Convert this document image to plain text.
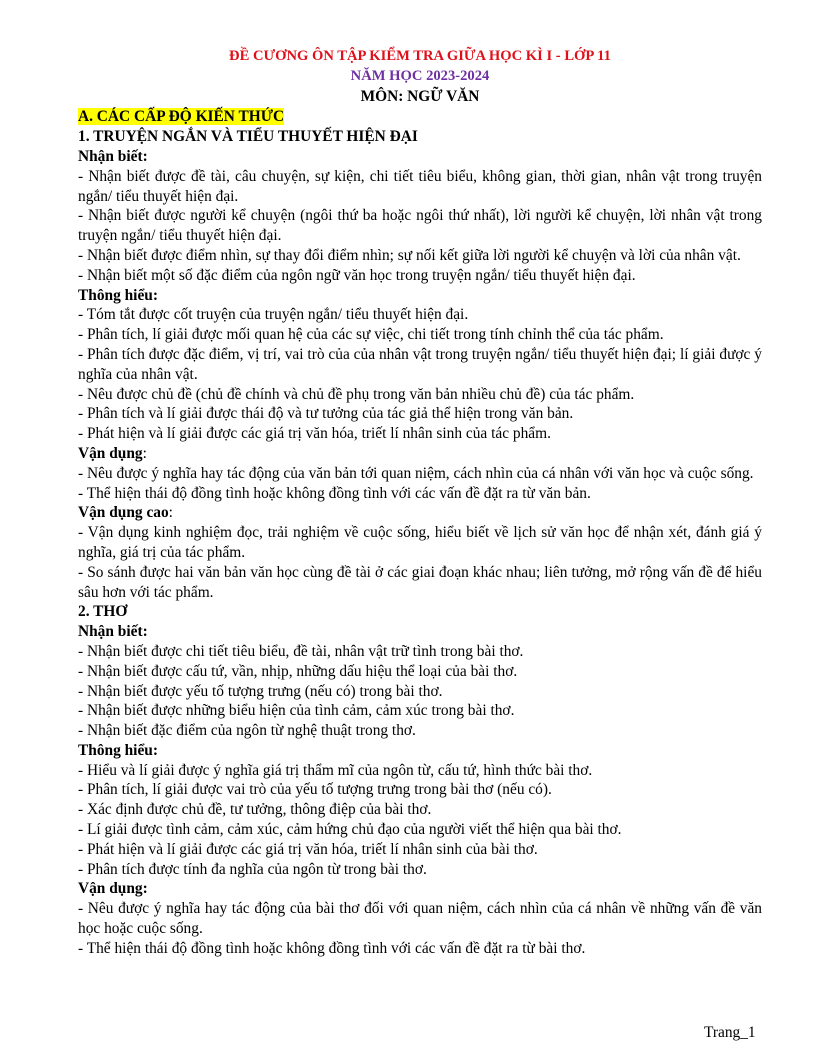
ĐỀ CƯƠNG ÔN TẬP KIỂM TRA GIỮA HỌC KÌ I - LỚP 11
NĂM HỌC 2023-2024
MÔN: NGỮ VĂN
A. CÁC CẤP ĐỘ KIẾN THỨC
1. TRUYỆN NGẮN VÀ TIỂU THUYẾT HIỆN ĐẠI
Nhận biết:
- Nhận biết được đề tài, câu chuyện, sự kiện, chi tiết tiêu biểu, không gian, thời gian, nhân vật trong truyện ngắn/ tiểu thuyết hiện đại.
- Nhận biết được người kể chuyện (ngôi thứ ba hoặc ngôi thứ nhất), lời người kể chuyện, lời nhân vật trong truyện ngắn/ tiểu thuyết hiện đại.
- Nhận biết được điểm nhìn, sự thay đổi điểm nhìn; sự nối kết giữa lời người kể chuyện và lời của nhân vật.
- Nhận biết một số đặc điểm của ngôn ngữ văn học trong truyện ngắn/ tiểu thuyết hiện đại.
Thông hiểu:
- Tóm tắt được cốt truyện của truyện ngắn/ tiểu thuyết hiện đại.
- Phân tích, lí giải được mối quan hệ của các sự việc, chi tiết trong tính chỉnh thể của tác phẩm.
- Phân tích được đặc điểm, vị trí, vai trò của của nhân vật trong truyện ngắn/ tiểu thuyết hiện đại; lí giải được ý nghĩa của nhân vật.
- Nêu được chủ đề (chủ đề chính và chủ đề phụ trong văn bản nhiều chủ đề) của tác phẩm.
- Phân tích và lí giải được thái độ và tư tưởng của tác giả thể hiện trong văn bản.
- Phát hiện và lí giải được các giá trị văn hóa, triết lí nhân sinh của tác phẩm.
Vận dụng:
- Nêu được ý nghĩa hay tác động của văn bản tới quan niệm, cách nhìn của cá nhân với văn học và cuộc sống.
- Thể hiện thái độ đồng tình hoặc không đồng tình với các vấn đề đặt ra từ văn bản.
Vận dụng cao:
- Vận dụng kinh nghiệm đọc, trải nghiệm về cuộc sống, hiểu biết về lịch sử văn học để nhận xét, đánh giá ý nghĩa, giá trị của tác phẩm.
- So sánh được hai văn bản văn học cùng đề tài ở các giai đoạn khác nhau; liên tưởng, mở rộng vấn đề để hiểu sâu hơn với tác phẩm.
2. THƠ
Nhận biết:
- Nhận biết được chi tiết tiêu biểu, đề tài, nhân vật trữ tình trong bài thơ.
- Nhận biết được cấu tứ, vần, nhịp, những dấu hiệu thể loại của bài thơ.
- Nhận biết được yếu tố tượng trưng (nếu có) trong bài thơ.
- Nhận biết được những biểu hiện của tình cảm, cảm xúc trong bài thơ.
- Nhận biết đặc điểm của ngôn từ nghệ thuật trong thơ.
Thông hiểu:
- Hiểu và lí giải được ý nghĩa giá trị thẩm mĩ của ngôn từ, cấu tứ, hình thức bài thơ.
- Phân tích, lí giải được vai trò của yếu tố tượng trưng trong bài thơ (nếu có).
- Xác định được chủ đề, tư tưởng, thông điệp của bài thơ.
- Lí giải được tình cảm, cảm xúc, cảm hứng chủ đạo của người viết thể hiện qua bài thơ.
- Phát hiện và lí giải được các giá trị văn hóa, triết lí nhân sinh của bài thơ.
- Phân tích được tính đa nghĩa của ngôn từ trong bài thơ.
Vận dụng:
- Nêu được ý nghĩa hay tác động của bài thơ đối với quan niệm, cách nhìn của cá nhân về những vấn đề văn học hoặc cuộc sống.
- Thể hiện thái độ đồng tình hoặc không đồng tình với các vấn đề đặt ra từ bài thơ.
Trang_1
